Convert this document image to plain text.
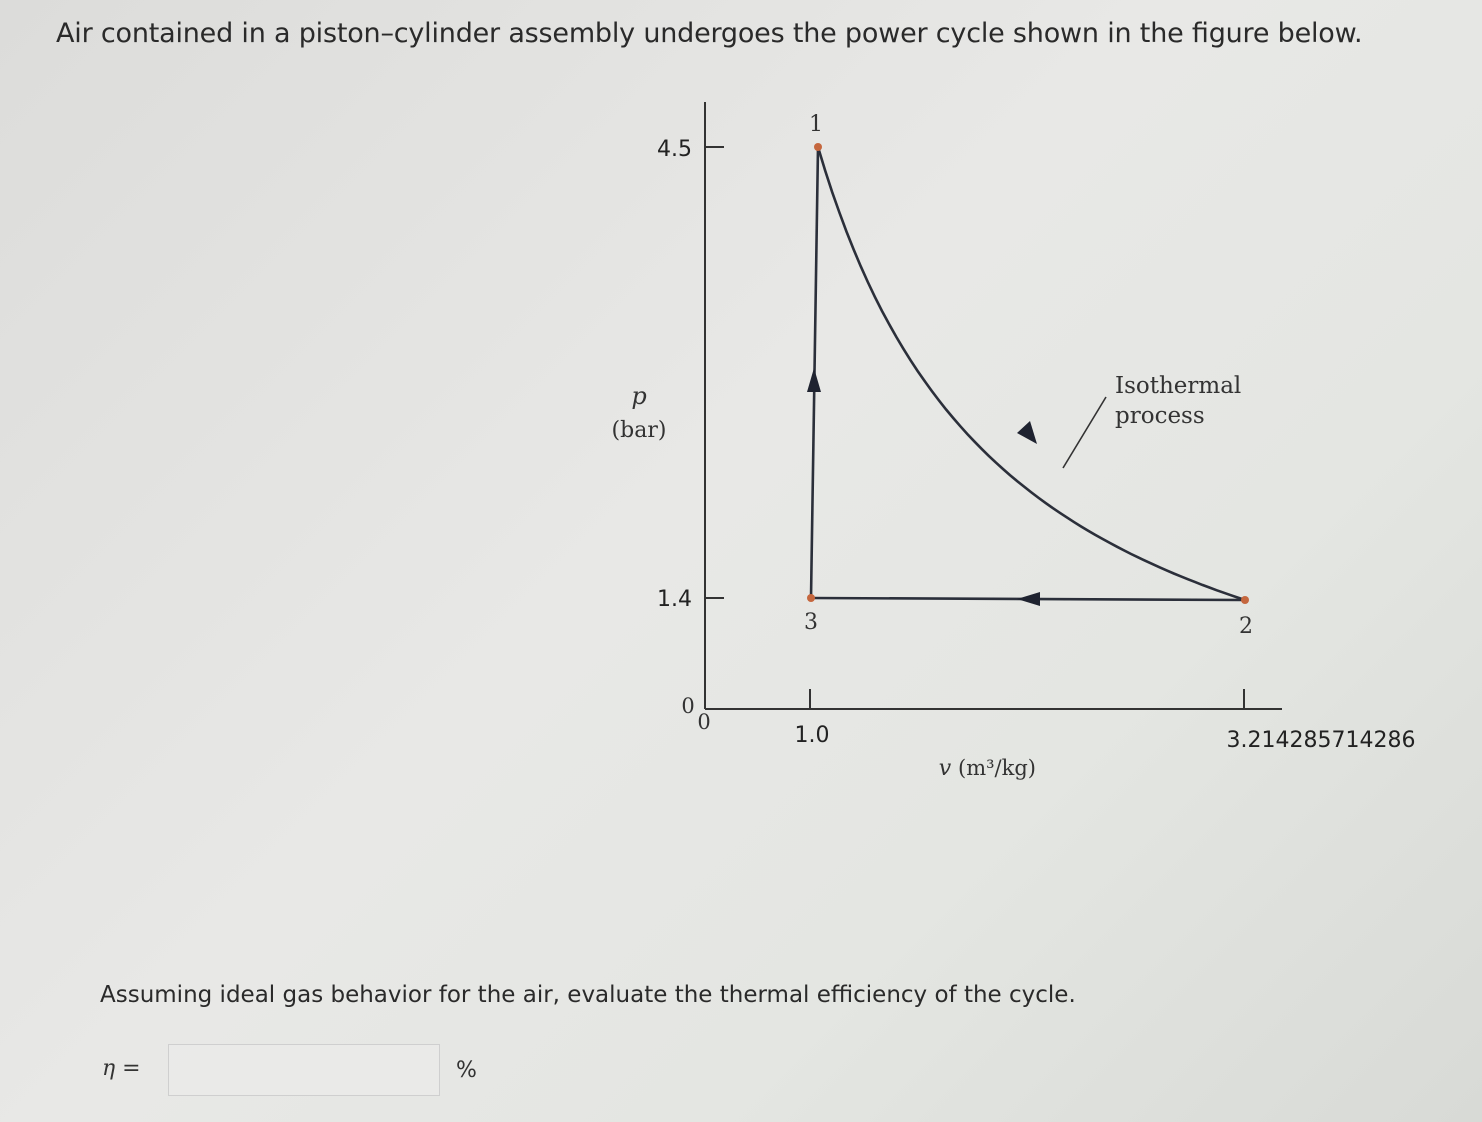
Air contained in a piston–cylinder assembly undergoes the power cycle shown in the ﬁgure below.
4.5
1.4
0
0
1.0	3.214285714286
p
(bar)
v (m³/kg)
1
2
3
Isothermal
process
Assuming ideal gas behavior for the air, evaluate the thermal efficiency of the cycle.
η =	%
